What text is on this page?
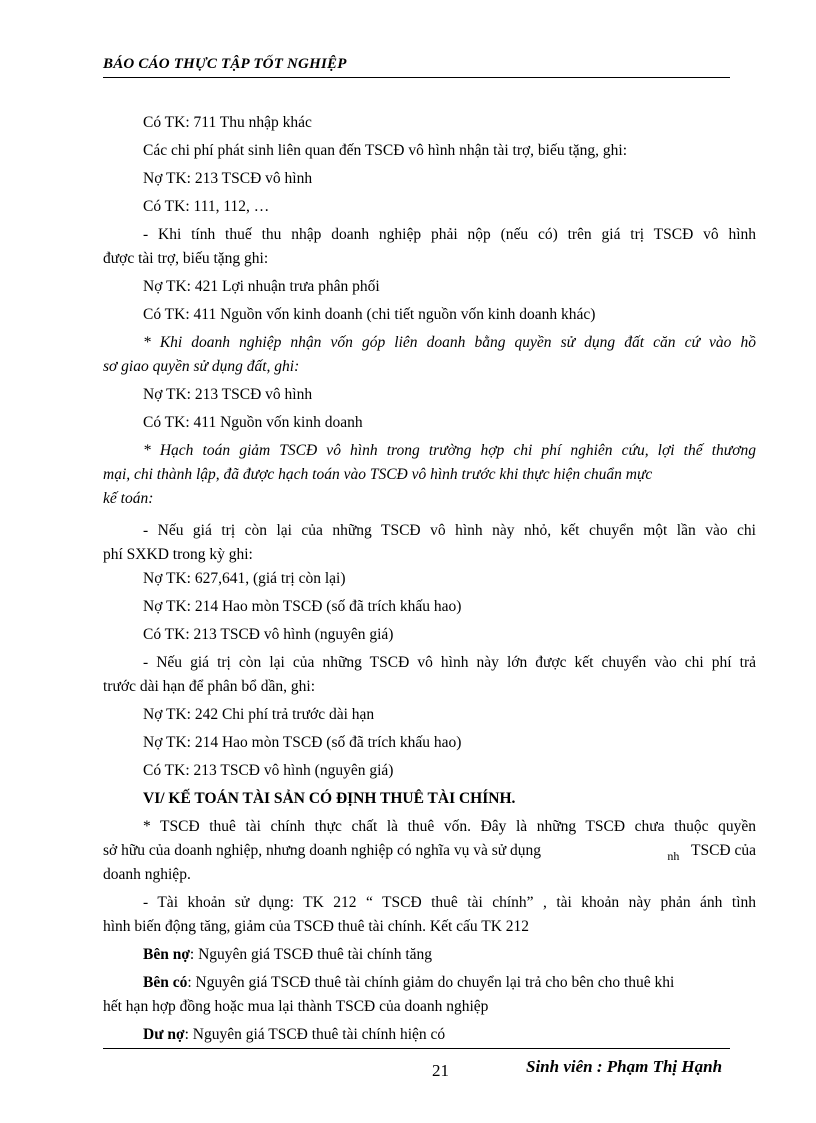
BÁO CÁO THỰC TẬP TỐT NGHIỆP
Có TK: 711 Thu nhập khác
Các chi phí phát sinh liên quan đến TSCĐ vô hình nhận tài trợ, biếu tặng, ghi:
Nợ TK: 213 TSCĐ vô hình
Có TK: 111, 112, …
- Khi tính thuế thu nhập doanh nghiệp phải nộp (nếu có) trên giá trị TSCĐ vô hình
được tài trợ, biếu tặng ghi:
Nợ TK: 421 Lợi nhuận trưa phân phối
Có TK: 411 Nguồn vốn kinh doanh (chi tiết nguồn vốn kinh doanh khác)
* Khi doanh nghiệp nhận vốn góp liên doanh bằng quyền sử dụng đất căn cứ vào hồ
sơ giao quyền sử dụng đất, ghi:
Nợ TK: 213 TSCĐ vô hình
Có TK: 411 Nguồn vốn kinh doanh
* Hạch toán giảm TSCĐ vô hình trong trường hợp chi phí nghiên cứu, lợi thế thương
mại, chi thành lập, đã được hạch toán vào TSCĐ vô hình trước khi thực hiện chuẩn mực
kế toán:
- Nếu giá trị còn lại của những TSCĐ vô hình này nhỏ, kết chuyển một lần vào chi
phí SXKD trong kỳ ghi:
Nợ TK: 627,641, (giá trị còn lại)
Nợ TK: 214 Hao mòn TSCĐ (số đã trích khấu hao)
Có TK: 213 TSCĐ vô hình (nguyên giá)
- Nếu giá trị còn lại của những TSCĐ vô hình này lớn được kết chuyển vào chi phí trả
trước dài hạn để phân bổ dần, ghi:
Nợ TK: 242 Chi phí trả trước dài hạn
Nợ TK: 214 Hao mòn TSCĐ (số đã trích khấu hao)
Có TK: 213 TSCĐ vô hình (nguyên giá)
VI/ KẾ TOÁN TÀI SẢN CÓ ĐỊNH THUÊ TÀI CHÍNH.
* TSCĐ thuê tài chính thực chất là thuê vốn. Đây là những TSCĐ chưa thuộc quyền
sở hữu của doanh nghiệp, nhưng doanh nghiệp có nghĩa vụ và sử dụng	$_{nh}$ TSCĐ của
doanh nghiệp.
- Tài khoản sử dụng: TK 212 “ TSCĐ thuê tài chính” , tài khoản này phản ánh tình
hình biến động tăng, giảm của TSCĐ thuê tài chính. Kết cấu TK 212
Bên nợ: Nguyên giá TSCĐ thuê tài chính tăng
Bên có: Nguyên giá TSCĐ thuê tài chính giảm do chuyển lại trả cho bên cho thuê khi
hết hạn hợp đồng hoặc mua lại thành TSCĐ của doanh nghiệp
Dư nợ: Nguyên giá TSCĐ thuê tài chính hiện có
21	Sinh viên : Phạm Thị Hạnh
